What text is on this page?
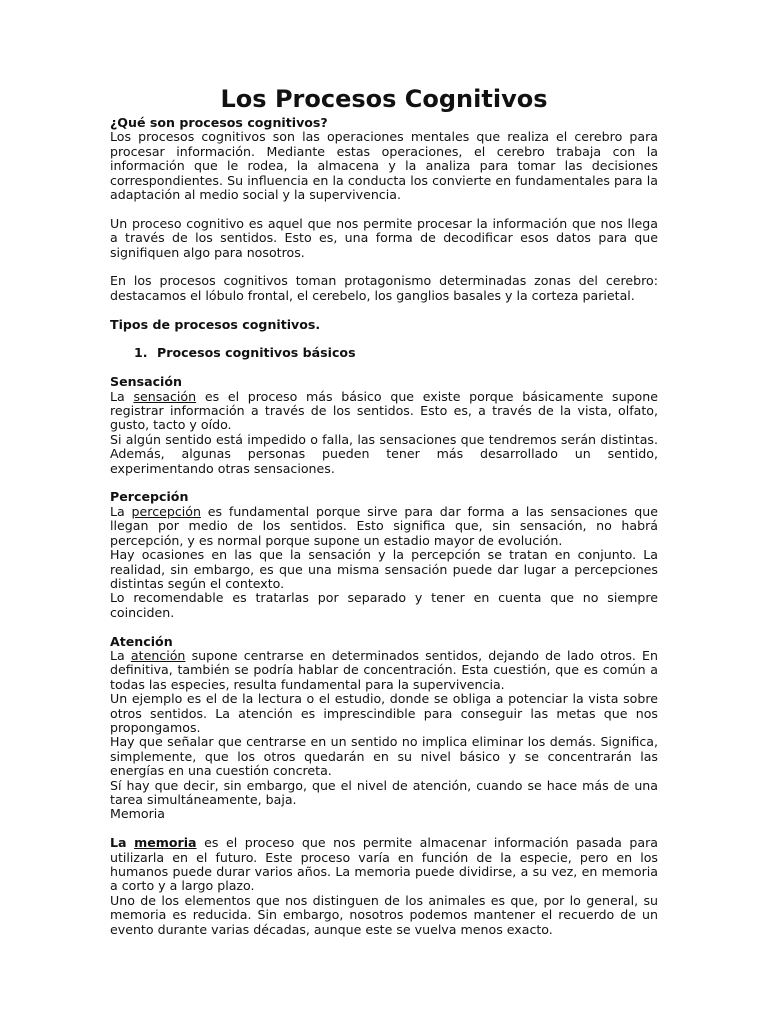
Los Procesos Cognitivos

¿Qué son procesos cognitivos?

Los procesos cognitivos son las operaciones mentales que realiza el cerebro para procesar información. Mediante estas operaciones, el cerebro trabaja con la información que le rodea, la almacena y la analiza para tomar las decisiones correspondientes. Su influencia en la conducta los convierte en fundamentales para la adaptación al medio social y la supervivencia.

Un proceso cognitivo es aquel que nos permite procesar la información que nos llega a través de los sentidos. Esto es, una forma de decodificar esos datos para que signifiquen algo para nosotros.

En los procesos cognitivos toman protagonismo determinadas zonas del cerebro: destacamos el lóbulo frontal, el cerebelo, los ganglios basales y la corteza parietal.

Tipos de procesos cognitivos.

1. Procesos cognitivos básicos

Sensación

La sensación es el proceso más básico que existe porque básicamente supone registrar información a través de los sentidos. Esto es, a través de la vista, olfato, gusto, tacto y oído.

Si algún sentido está impedido o falla, las sensaciones que tendremos serán distintas. Además, algunas personas pueden tener más desarrollado un sentido, experimentando otras sensaciones.

Percepción

La percepción es fundamental porque sirve para dar forma a las sensaciones que llegan por medio de los sentidos. Esto significa que, sin sensación, no habrá percepción, y es normal porque supone un estadio mayor de evolución.

Hay ocasiones en las que la sensación y la percepción se tratan en conjunto. La realidad, sin embargo, es que una misma sensación puede dar lugar a percepciones distintas según el contexto.

Lo recomendable es tratarlas por separado y tener en cuenta que no siempre coinciden.

Atención

La atención supone centrarse en determinados sentidos, dejando de lado otros. En definitiva, también se podría hablar de concentración. Esta cuestión, que es común a todas las especies, resulta fundamental para la supervivencia.

Un ejemplo es el de la lectura o el estudio, donde se obliga a potenciar la vista sobre otros sentidos. La atención es imprescindible para conseguir las metas que nos propongamos.

Hay que señalar que centrarse en un sentido no implica eliminar los demás. Significa, simplemente, que los otros quedarán en su nivel básico y se concentrarán las energías en una cuestión concreta.

Sí hay que decir, sin embargo, que el nivel de atención, cuando se hace más de una tarea simultáneamente, baja.

Memoria

La memoria es el proceso que nos permite almacenar información pasada para utilizarla en el futuro. Este proceso varía en función de la especie, pero en los humanos puede durar varios años. La memoria puede dividirse, a su vez, en memoria a corto y a largo plazo.

Uno de los elementos que nos distinguen de los animales es que, por lo general, su memoria es reducida. Sin embargo, nosotros podemos mantener el recuerdo de un evento durante varias décadas, aunque este se vuelva menos exacto.
